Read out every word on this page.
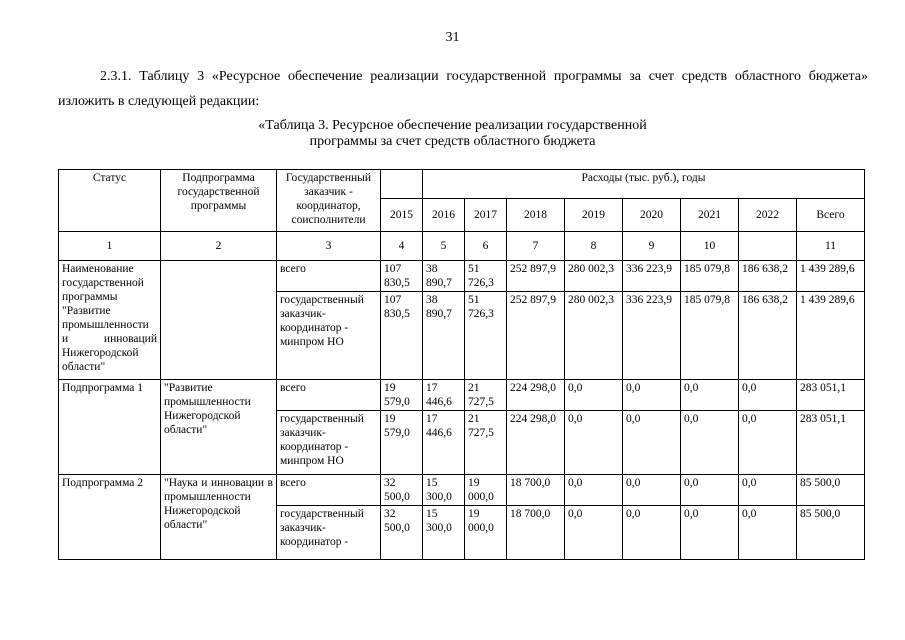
31
2.3.1. Таблицу 3 «Ресурсное обеспечение реализации государственной программы за счет средств областного бюджета» изложить в следующей редакции:
«Таблица 3. Ресурсное обеспечение реализации государственной
программы за счет средств областного бюджета
Статус	Подпрограмма государственной программы	Государственный заказчик - координатор, соисполнители		Расходы (тыс. руб.), годы							
			2015	2016	2017	2018	2019	2020	2021	2022	Всего
1	2	3	4	5	6	7	8	9	10		11
Наименование государственной программы "Развитие промышленности и инноваций Нижегородской области"		всего	107 830,5	38 890,7	51 726,3	252 897,9	280 002,3	336 223,9	185 079,8	186 638,2	1 439 289,6
		государственный заказчик-координатор - минпром НО	107 830,5	38 890,7	51 726,3	252 897,9	280 002,3	336 223,9	185 079,8	186 638,2	1 439 289,6
Подпрограмма 1	"Развитие промышленности Нижегородской области"	всего	19 579,0	17 446,6	21 727,5	224 298,0	0,0	0,0	0,0	0,0	283 051,1
		государственный заказчик-координатор - минпром НО	19 579,0	17 446,6	21 727,5	224 298,0	0,0	0,0	0,0	0,0	283 051,1
Подпрограмма 2	"Наука и инновации в промышленности Нижегородской области"	всего	32 500,0	15 300,0	19 000,0	18 700,0	0,0	0,0	0,0	0,0	85 500,0
		государственный заказчик-координатор -	32 500,0	15 300,0	19 000,0	18 700,0	0,0	0,0	0,0	0,0	85 500,0
